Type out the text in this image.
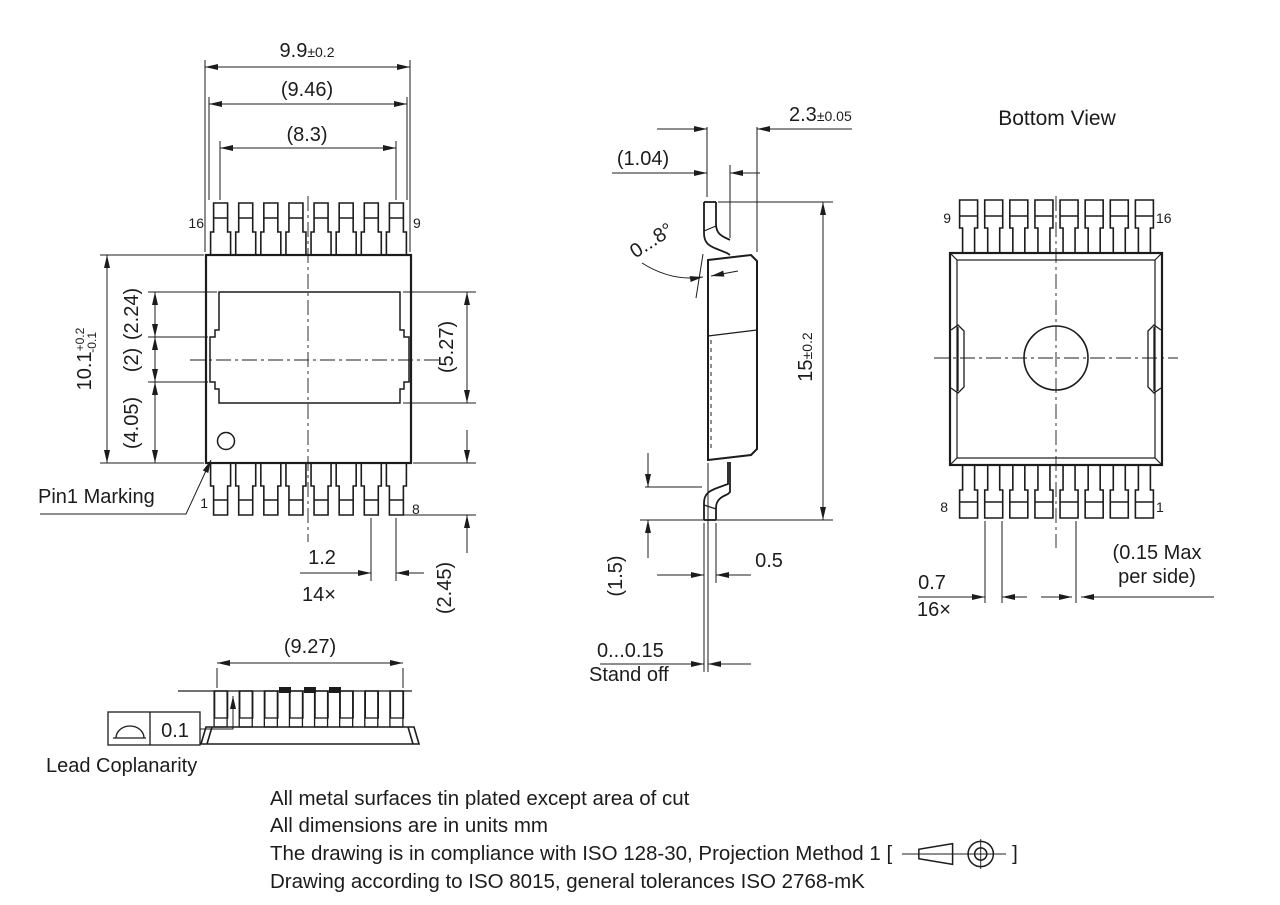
9.9±0.2
(9.46)
(8.3)
$10.1^{+0.2}-0.1$
(2.24)
(2)
(4.05)
(5.27)
(2.45)
1.2
14×
Pin1 Marking
16	9
1	8
2.3±0.05
(1.04)
0...8°
15±0.2
(1.5)	0.5
0...0.15
Stand off
Bottom View
9	16
8	1
0.7
16×
(0.15 Max
per side)
(9.27)
0.1
Lead Coplanarity
All metal surfaces tin plated except area of cut
All dimensions are in units mm
The drawing is in compliance with ISO 128-30, Projection Method 1 [	]
Drawing according to ISO 8015, general tolerances ISO 2768-mK
